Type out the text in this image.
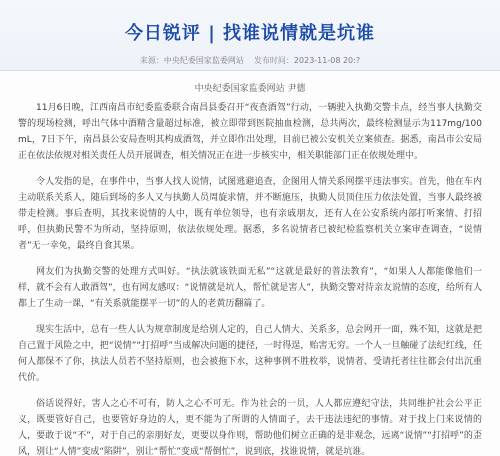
今日锐评 | 找谁说情就是坑谁
来源：中央纪委国家监委网站 发布时间：2023-11-08 20:?
中央纪委国家监委网站 尹德

11月6日晚，江西南昌市纪委监委联合南昌县委召开“夜查酒驾”行动，一辆驶入执勤交警卡点，经当事人执勤交警的现场检测，呼出气体中酒精含量超过标准，被立即带到医院抽血检测，总共两次，最终检测显示为117mg/100mL，7日下午，南昌县公安局查明其构成酒驾，并立即作出处理，目前已被公安机关立案侦查。据悉，南昌市公安局正在依法依规对相关责任人员开展调查，相关情况正在进一步核实中，相关职能部门正在依规处理中。

令人发指的是，在事件中，当事人找人说情，试图逃避追查，企图用人情关系网摆平违法事实。首先，他在车内主动联系关系人，随后到场的多人又与执勤人员周旋求情，并不断施压，执勤人员顶住压力依法处置，当事人最终被带走检测。事后查明，其找来说情的人中，既有单位领导，也有亲戚朋友，还有人在公安系统内部打听案情、打招呼，但执勤民警不为所动，坚持原则，依法依规处理。据悉，多名说情者已被纪检监察机关立案审查调查，“说情者”无一幸免，最终自食其果。

网友们为执勤交警的处理方式叫好。“执法就该铁面无私”“这就是最好的普法教育”，“如果人人都能像他们一样，就不会有人敢酒驾”，也有网友感叹：“说情就是坑人，帮忙就是害人”，执勤交警对待亲友说情的态度，给所有人都上了生动一课，“有关系就能摆平一切”的人的老黄历翻篇了。

现实生活中，总有一些人认为规章制度是给别人定的，自己人情大、关系多，总会网开一面，殊不知，这就是把自己置于风险之中，把“说情”“打招呼”当成解决问题的捷径，一时得逞，贻害无穷。一个人一旦触碰了法纪红线，任何人都保不了你，执法人员若不坚持原则，也会被拖下水，这种事例不胜枚举，说情者、受请托者往往都会付出沉重代价。

俗话说得好，害人之心不可有，防人之心不可无。作为社会的一员，人人都应遵纪守法，共同维护社会公平正义，既要管好自己，也要管好身边的人，更不能为了所谓的人情面子，去干违法违纪的事情。对于找上门来说情的人，要敢于说“不”，对于自己的亲朋好友，更要以身作则，帮助他们树立正确的是非观念，远离“说情”“打招呼”的歪风，别让“人情”变成“陷阱”，别让“帮忙”变成“帮倒忙”，说到底，找谁说情，就是坑谁。
